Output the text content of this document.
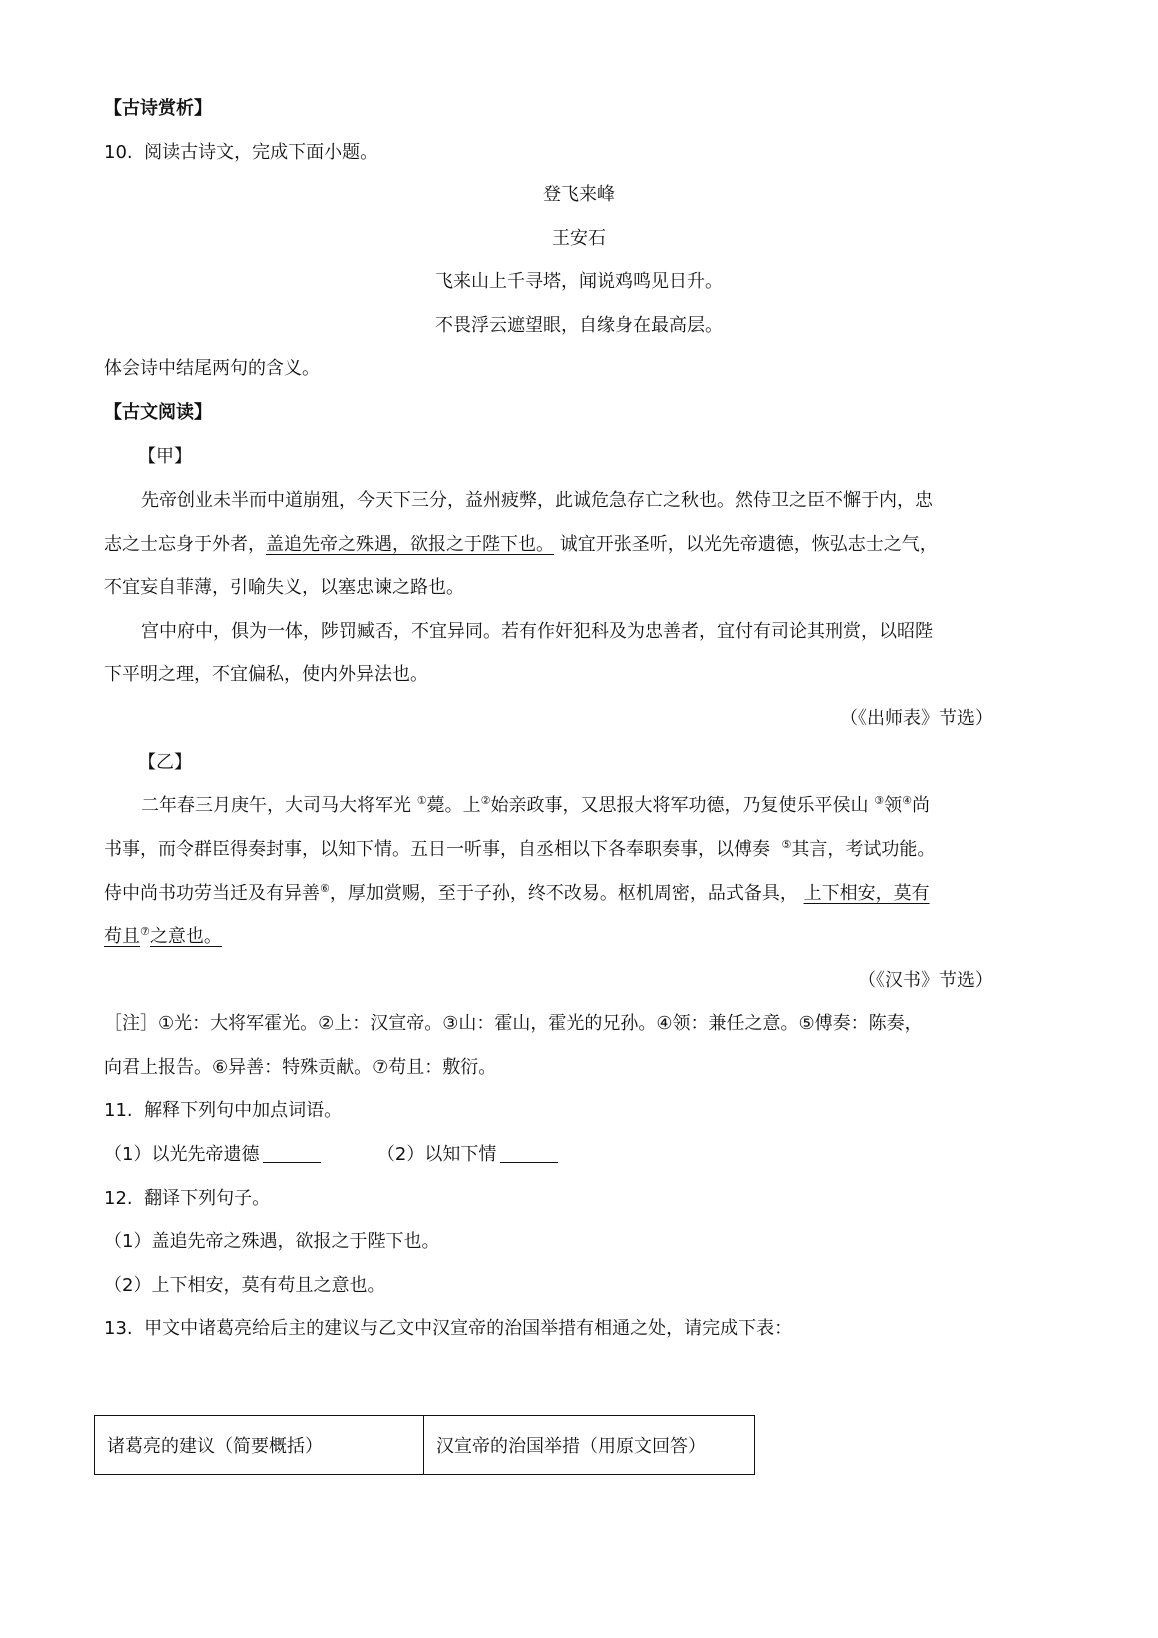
【古诗赏析】
10. 阅读古诗文，完成下面小题。
登飞来峰
王安石
飞来山上千寻塔，闻说鸡鸣见日升。
不畏浮云遮望眼，自缘身在最高层。
体会诗中结尾两句的含义。
【古文阅读】
【甲】
先帝创业未半而中道崩殂，今天下三分，益州疲弊，此诚危急存亡之秋也。然侍卫之臣不懈于内，忠
志之士忘身于外者，盖追先帝之殊遇，欲报之于陛下也。 诚宜开张圣听，以光先帝遗德，恢弘志士之气，
不宜妄自菲薄，引喻失义，以塞忠谏之路也。
宫中府中，俱为一体，陟罚臧否，不宜异同。若有作奸犯科及为忠善者，宜付有司论其刑赏，以昭陛
下平明之理，不宜偏私，使内外异法也。
（《出师表》节选）
【乙】
二年春三月庚午，大司马大将军光 ①薨。上②始亲政事，又思报大将军功德，乃复使乐平侯山 ③领④尚
书事，而令群臣得奏封事，以知下情。五日一听事，自丞相以下各奉职奏事，以傅奏 ⑤其言，考试功能。
侍中尚书功劳当迁及有异善⑥，厚加赏赐，至于子孙，终不改易。枢机周密，品式备具， 上下相安，莫有
苟且⑦之意也。
（《汉书》节选）
［注］①光：大将军霍光。②上：汉宣帝。③山：霍山，霍光的兄孙。④领：兼任之意。⑤傅奏：陈奏，
向君上报告。⑥异善：特殊贡献。⑦苟且：敷衍。
11. 解释下列句中加点词语。
（1）以光先帝遗德	（2）以知下情
12. 翻译下列句子。
（1）盖追先帝之殊遇，欲报之于陛下也。
（2）上下相安，莫有苟且之意也。
13. 甲文中诸葛亮给后主的建议与乙文中汉宣帝的治国举措有相通之处，请完成下表：
诸葛亮的建议（简要概括）	汉宣帝的治国举措（用原文回答）
